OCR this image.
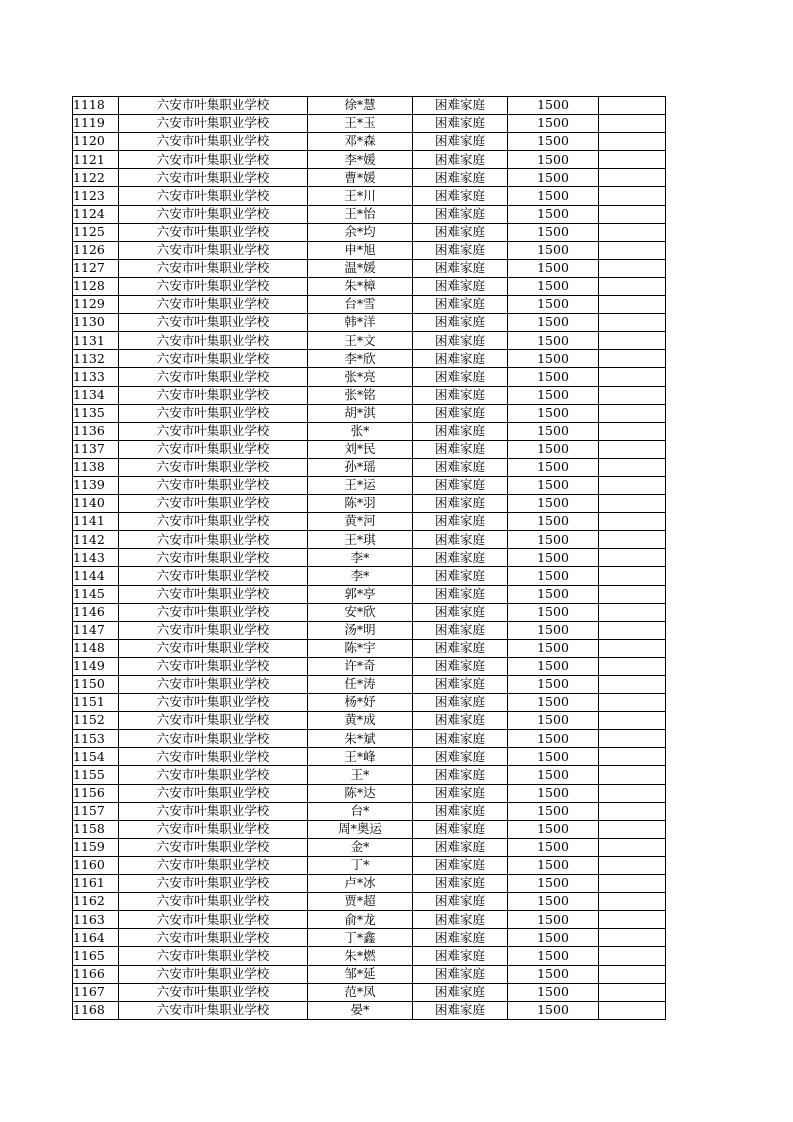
1118	六安市叶集职业学校	徐*慧	困难家庭	1500	
1119	六安市叶集职业学校	王*玉	困难家庭	1500	
1120	六安市叶集职业学校	邓*森	困难家庭	1500	
1121	六安市叶集职业学校	李*媛	困难家庭	1500	
1122	六安市叶集职业学校	曹*媛	困难家庭	1500	
1123	六安市叶集职业学校	王*川	困难家庭	1500	
1124	六安市叶集职业学校	王*怡	困难家庭	1500	
1125	六安市叶集职业学校	余*均	困难家庭	1500	
1126	六安市叶集职业学校	申*旭	困难家庭	1500	
1127	六安市叶集职业学校	温*媛	困难家庭	1500	
1128	六安市叶集职业学校	朱*樟	困难家庭	1500	
1129	六安市叶集职业学校	台*雪	困难家庭	1500	
1130	六安市叶集职业学校	韩*洋	困难家庭	1500	
1131	六安市叶集职业学校	王*文	困难家庭	1500	
1132	六安市叶集职业学校	李*欣	困难家庭	1500	
1133	六安市叶集职业学校	张*亮	困难家庭	1500	
1134	六安市叶集职业学校	张*铭	困难家庭	1500	
1135	六安市叶集职业学校	胡*淇	困难家庭	1500	
1136	六安市叶集职业学校	张*	困难家庭	1500	
1137	六安市叶集职业学校	刘*民	困难家庭	1500	
1138	六安市叶集职业学校	孙*瑶	困难家庭	1500	
1139	六安市叶集职业学校	王*运	困难家庭	1500	
1140	六安市叶集职业学校	陈*羽	困难家庭	1500	
1141	六安市叶集职业学校	黄*河	困难家庭	1500	
1142	六安市叶集职业学校	王*琪	困难家庭	1500	
1143	六安市叶集职业学校	李*	困难家庭	1500	
1144	六安市叶集职业学校	李*	困难家庭	1500	
1145	六安市叶集职业学校	郭*亭	困难家庭	1500	
1146	六安市叶集职业学校	安*欣	困难家庭	1500	
1147	六安市叶集职业学校	汤*明	困难家庭	1500	
1148	六安市叶集职业学校	陈*宇	困难家庭	1500	
1149	六安市叶集职业学校	许*奇	困难家庭	1500	
1150	六安市叶集职业学校	任*涛	困难家庭	1500	
1151	六安市叶集职业学校	杨*妤	困难家庭	1500	
1152	六安市叶集职业学校	黄*成	困难家庭	1500	
1153	六安市叶集职业学校	朱*斌	困难家庭	1500	
1154	六安市叶集职业学校	王*峰	困难家庭	1500	
1155	六安市叶集职业学校	王*	困难家庭	1500	
1156	六安市叶集职业学校	陈*达	困难家庭	1500	
1157	六安市叶集职业学校	台*	困难家庭	1500	
1158	六安市叶集职业学校	周*奥运	困难家庭	1500	
1159	六安市叶集职业学校	金*	困难家庭	1500	
1160	六安市叶集职业学校	丁*	困难家庭	1500	
1161	六安市叶集职业学校	卢*冰	困难家庭	1500	
1162	六安市叶集职业学校	贾*超	困难家庭	1500	
1163	六安市叶集职业学校	俞*龙	困难家庭	1500	
1164	六安市叶集职业学校	丁*鑫	困难家庭	1500	
1165	六安市叶集职业学校	朱*燃	困难家庭	1500	
1166	六安市叶集职业学校	邹*延	困难家庭	1500	
1167	六安市叶集职业学校	范*凤	困难家庭	1500	
1168	六安市叶集职业学校	晏*	困难家庭	1500	
